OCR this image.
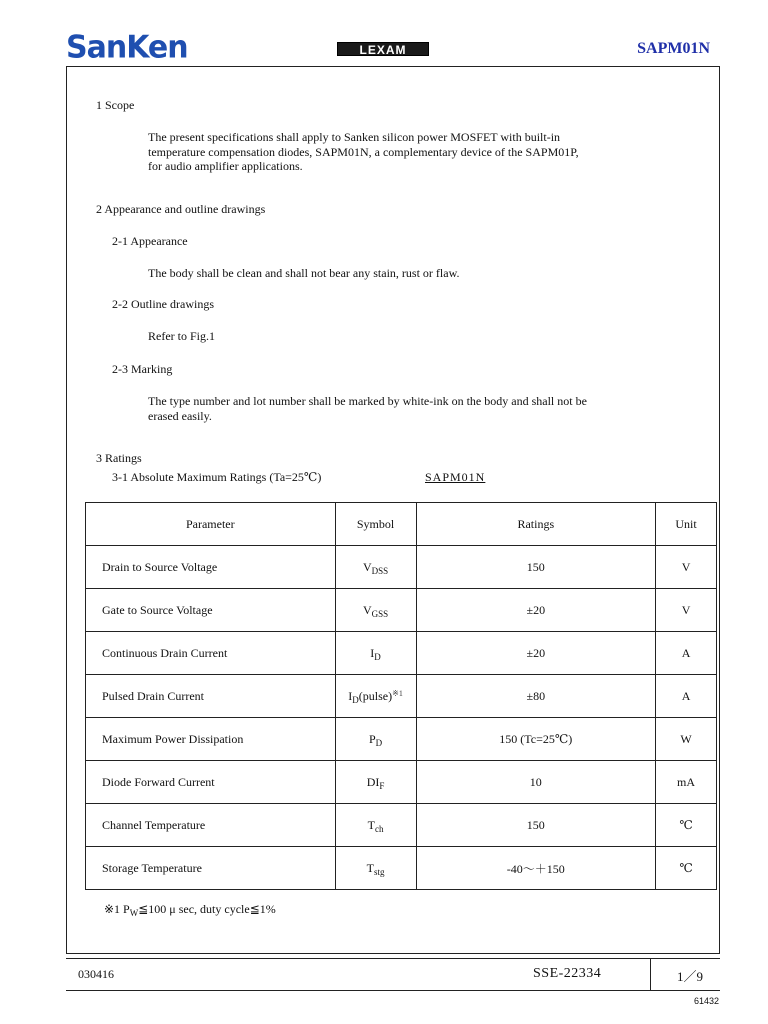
SanKen	LEXAM	SAPM01N
1 Scope
The present specifications shall apply to Sanken silicon power MOSFET with built-in
temperature compensation diodes, SAPM01N, a complementary device of the SAPM01P,
for audio amplifier applications.
2 Appearance and outline drawings
2-1 Appearance
The body shall be clean and shall not bear any stain, rust or flaw.
2-2 Outline drawings
Refer to Fig.1
2-3 Marking
The type number and lot number shall be marked by white-ink on the body and shall not be
erased easily.
3 Ratings
3-1 Absolute Maximum Ratings (Ta=25℃)	SAPM01N
Parameter	Symbol	Ratings	Unit
Drain to Source Voltage	$V_{DSS}$	150	V
Gate to Source Voltage	$V_{GSS}$	±20	V
Continuous Drain Current	$I_D$	±20	A
Pulsed Drain Current	$I_D(pulse)^{※1}$	±80	A
Maximum Power Dissipation	$P_D$	150 (Tc=25℃)	W
Diode Forward Current	$DI_F$	10	mA
Channel Temperature	$T_{ch}$	150	℃
Storage Temperature	$T_{stg}$	-40～＋150	℃
※1 $P_W≦100$ μ sec, duty cycle≦1%
030416	SSE-22334	1／9
61432
